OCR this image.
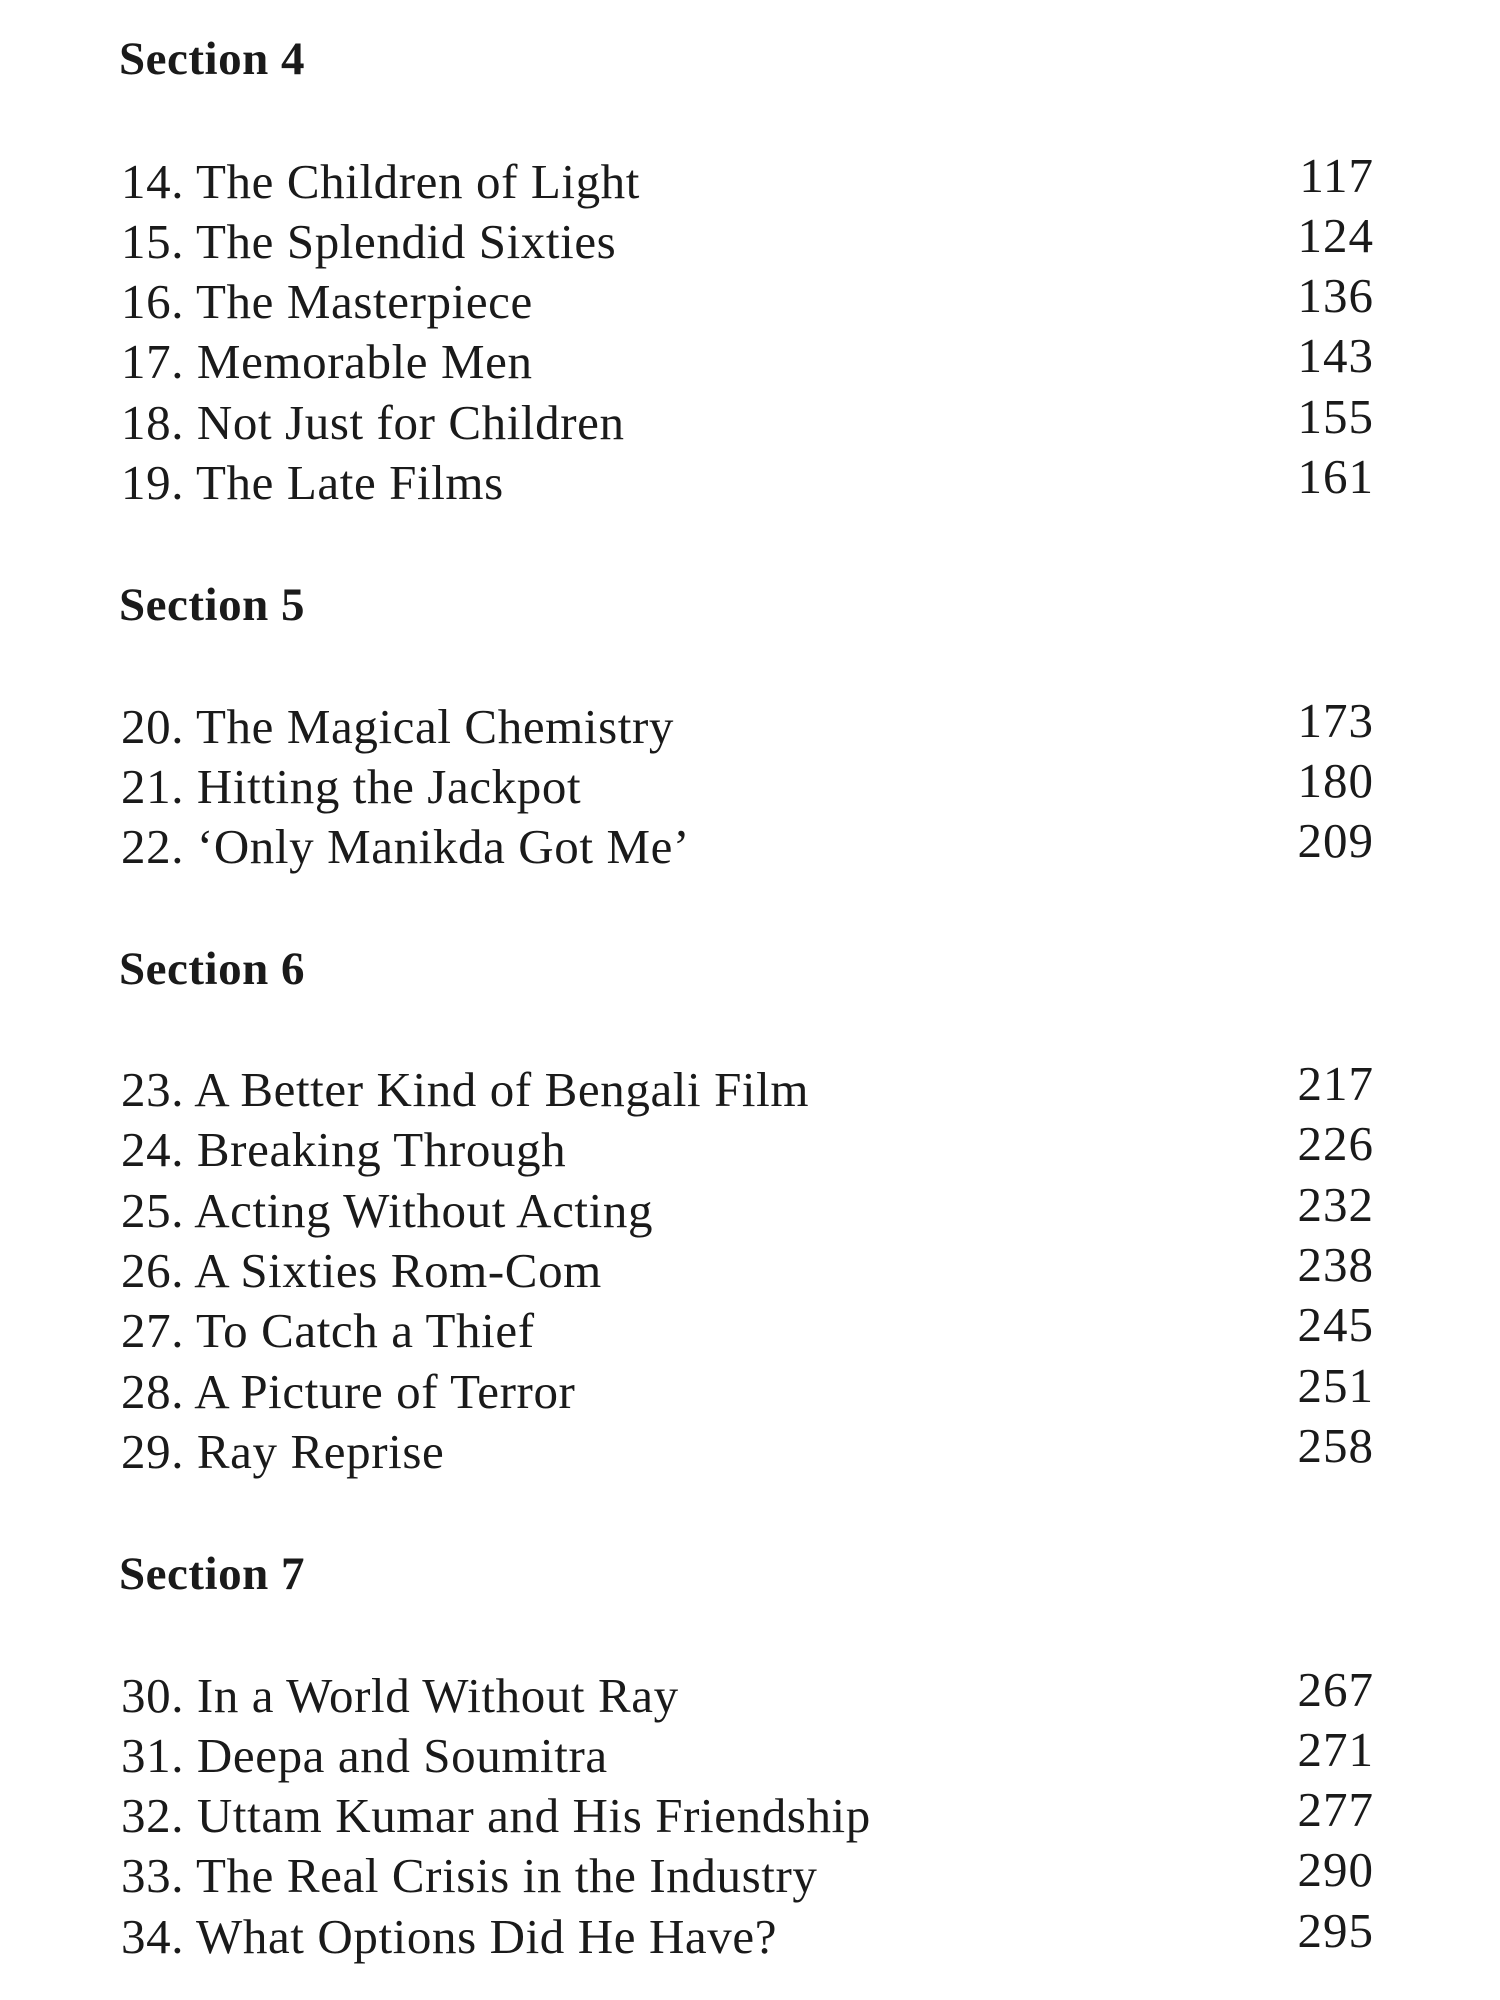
Section 4
14. The Children of Light	117
15. The Splendid Sixties	124
16. The Masterpiece	136
17. Memorable Men	143
18. Not Just for Children	155
19. The Late Films	161
Section 5
20. The Magical Chemistry	173
21. Hitting the Jackpot	180
22. ‘Only Manikda Got Me’	209
Section 6
23. A Better Kind of Bengali Film	217
24. Breaking Through	226
25. Acting Without Acting	232
26. A Sixties Rom-Com	238
27. To Catch a Thief	245
28. A Picture of Terror	251
29. Ray Reprise	258
Section 7
30. In a World Without Ray	267
31. Deepa and Soumitra	271
32. Uttam Kumar and His Friendship	277
33. The Real Crisis in the Industry	290
34. What Options Did He Have?	295
